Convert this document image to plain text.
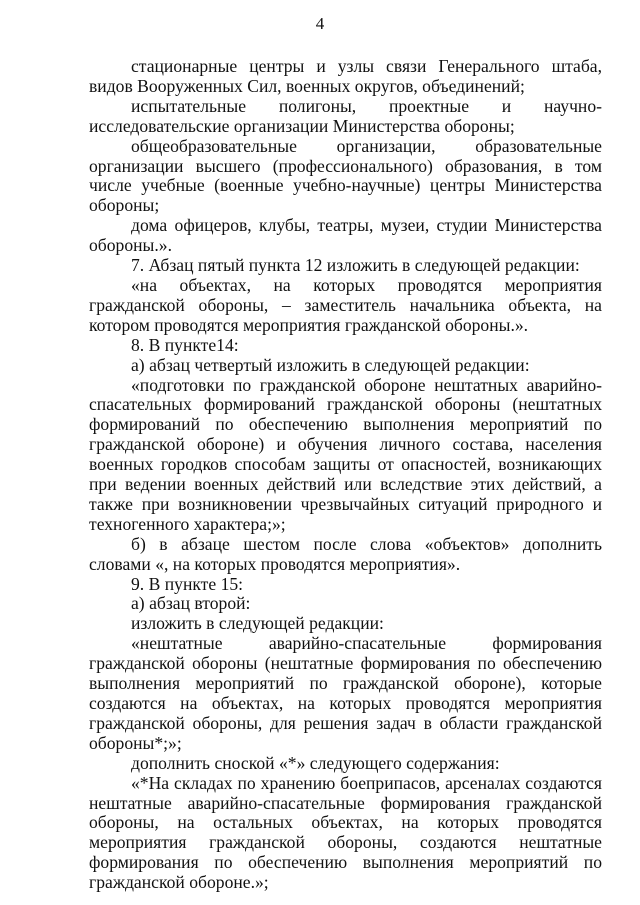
4

стационарные центры и узлы связи Генерального штаба, видов Вооруженных Сил, военных округов, объединений;

испытательные полигоны, проектные и научно-исследовательские организации Министерства обороны;

общеобразовательные организации, образовательные организации высшего (профессионального) образования, в том числе учебные (военные учебно-научные) центры Министерства обороны;

дома офицеров, клубы, театры, музеи, студии Министерства обороны.».

7. Абзац пятый пункта 12 изложить в следующей редакции:

«на объектах, на которых проводятся мероприятия гражданской обороны, – заместитель начальника объекта, на котором проводятся мероприятия гражданской обороны.».

8. В пункте14:

а) абзац четвертый изложить в следующей редакции:

«подготовки по гражданской обороне нештатных аварийно-спасательных формирований гражданской обороны (нештатных формирований по обеспечению выполнения мероприятий по гражданской обороне) и обучения личного состава, населения военных городков способам защиты от опасностей, возникающих при ведении военных действий или вследствие этих действий, а также при возникновении чрезвычайных ситуаций природного и техногенного характера;»;

б) в абзаце шестом после слова «объектов» дополнить словами «, на которых проводятся мероприятия».

9. В пункте 15:

а) абзац второй:

изложить в следующей редакции:

«нештатные аварийно-спасательные формирования гражданской обороны (нештатные формирования по обеспечению выполнения мероприятий по гражданской обороне), которые создаются на объектах, на которых проводятся мероприятия гражданской обороны, для решения задач в области гражданской обороны*;»;

дополнить сноской «*» следующего содержания:

«*На складах по хранению боеприпасов, арсеналах создаются нештатные аварийно-спасательные формирования гражданской обороны, на остальных объектах, на которых проводятся мероприятия гражданской обороны, создаются нештатные формирования по обеспечению выполнения мероприятий по гражданской обороне.»;
